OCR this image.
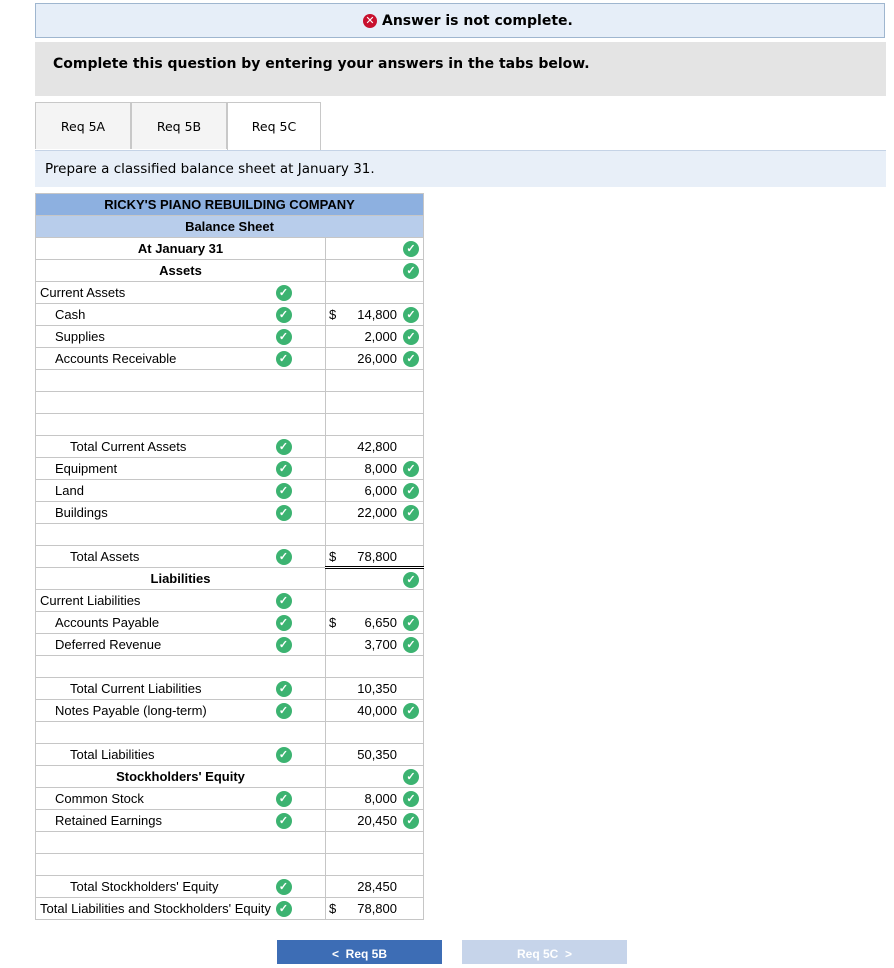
✕ Answer is not complete.
Complete this question by entering your answers in the tabs below.
Req 5A	Req 5B	Req 5C
Prepare a classified balance sheet at January 31.
RICKY'S PIANO REBUILDING COMPANY		

Balance Sheet		

At January 31		✓

Assets		✓

Current Assets	✓	
Cash	✓	$ 14,800 ✓

Supplies	✓	2,000 ✓

Accounts Receivable	✓	26,000 ✓

Total Current Assets	✓	42,800

Equipment	✓	8,000 ✓

Land	✓	6,000 ✓

Buildings	✓	22,000 ✓

Total Assets	✓	$ 78,800

Liabilities		✓

Current Liabilities	✓	
Accounts Payable	✓	$ 6,650 ✓

Deferred Revenue	✓	3,700 ✓

Total Current Liabilities	✓	10,350

Notes Payable (long-term)	✓	40,000 ✓

Total Liabilities	✓	50,350

Stockholders' Equity		✓

Common Stock	✓	8,000 ✓

Retained Earnings	✓	20,450 ✓

Total Stockholders' Equity	✓	28,450

Total Liabilities and Stockholders' Equity	✓	$ 78,800
< Req 5B	Req 5C >
